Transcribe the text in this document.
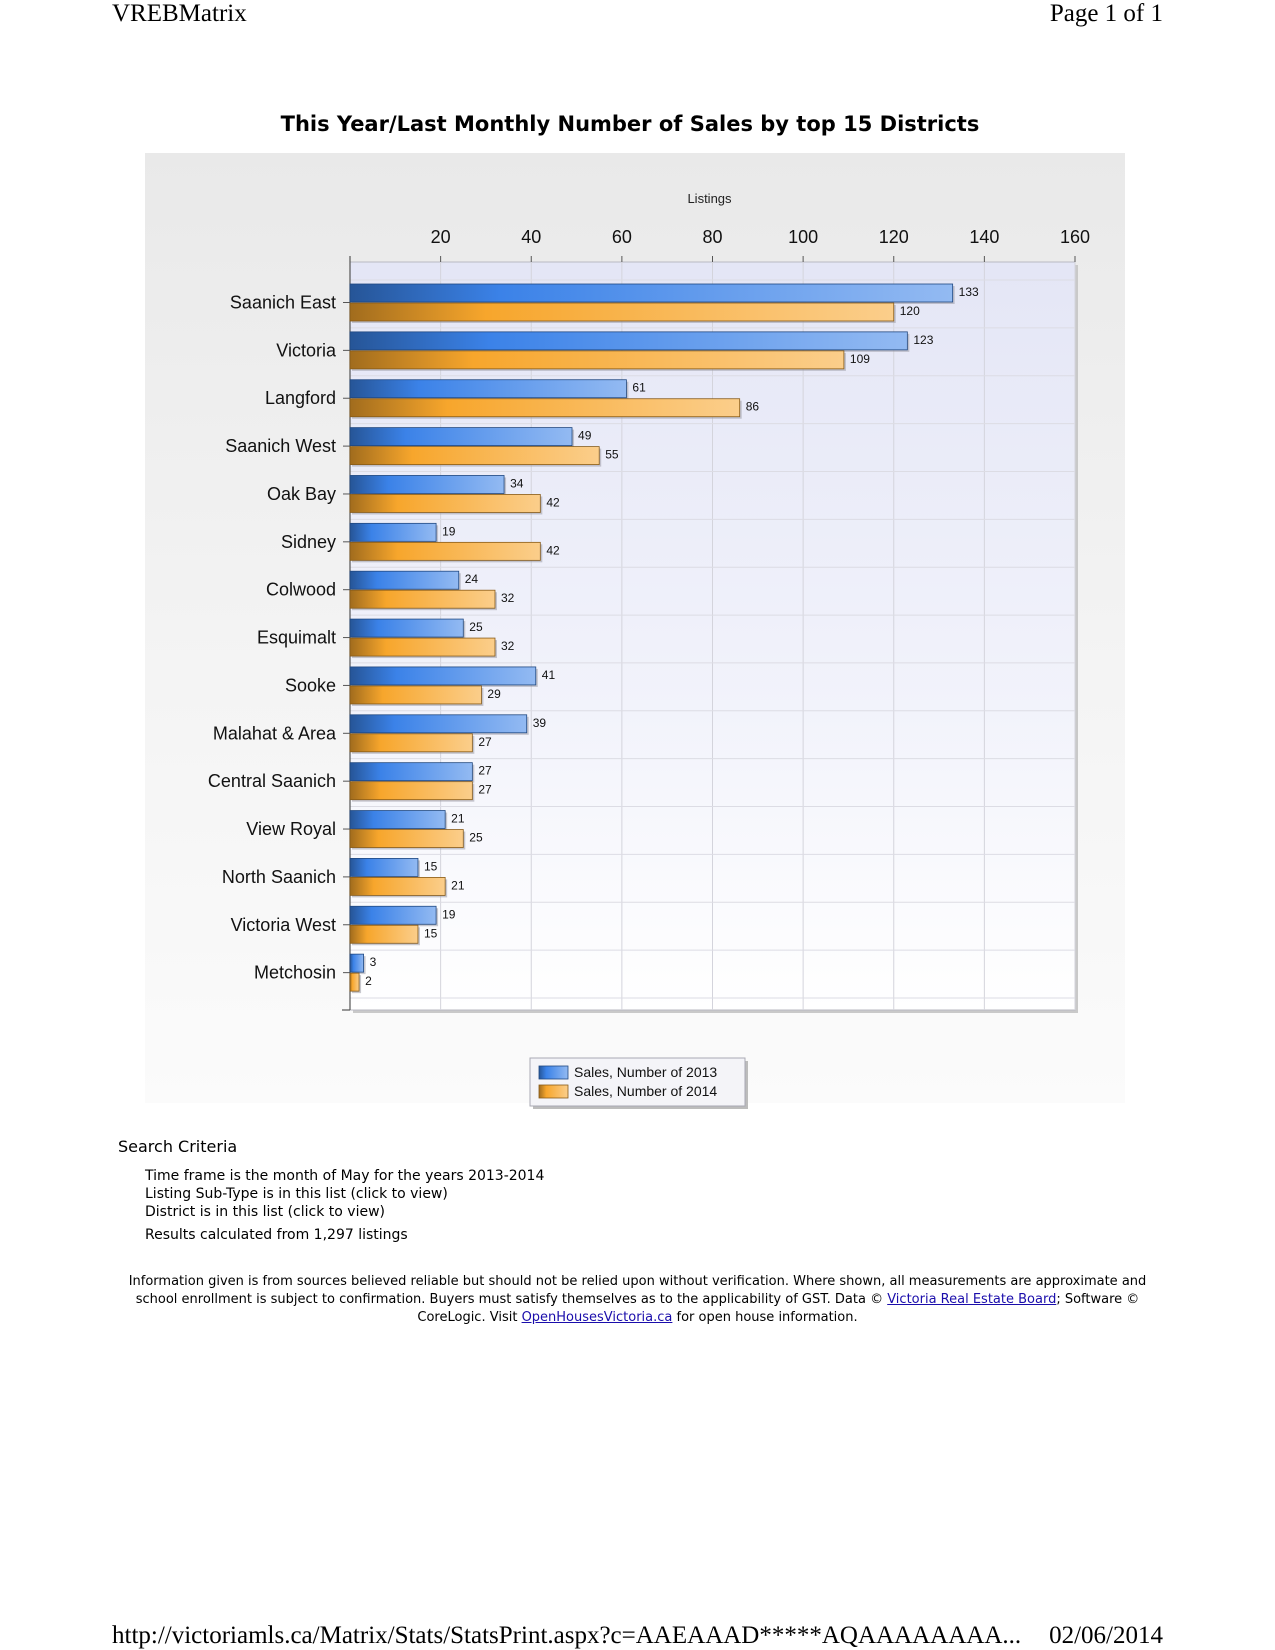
VREBMatrix	Page 1 of 1
This Year/Last Monthly Number of Sales by top 15 Districts
Listings
20	40	60	80	100	120	140	160
Saanich East
133
120
Victoria
123
109
Langford
61
86
Saanich West
49
55
Oak Bay
34
42
Sidney
19
42
Colwood
24
32
Esquimalt
25
32
Sooke
41
29
Malahat & Area
39
27
Central Saanich
27
27
View Royal
21
25
North Saanich
15
21
Victoria West
19
15
Metchosin
3
2
Sales, Number of 2013
Sales, Number of 2014
Search Criteria
Time frame is the month of May for the years 2013-2014
Listing Sub-Type is in this list (click to view)
District is in this list (click to view)
Results calculated from 1,297 listings
Information given is from sources believed reliable but should not be relied upon without verification. Where shown, all measurements are approximate and school enrollment is subject to confirmation. Buyers must satisfy themselves as to the applicability of GST. Data © Victoria Real Estate Board; Software © CoreLogic. Visit OpenHousesVictoria.ca for open house information.
http://victoriamls.ca/Matrix/Stats/StatsPrint.aspx?c=AAEAAAD*****AQAAAAAAAA... 02/06/2014
